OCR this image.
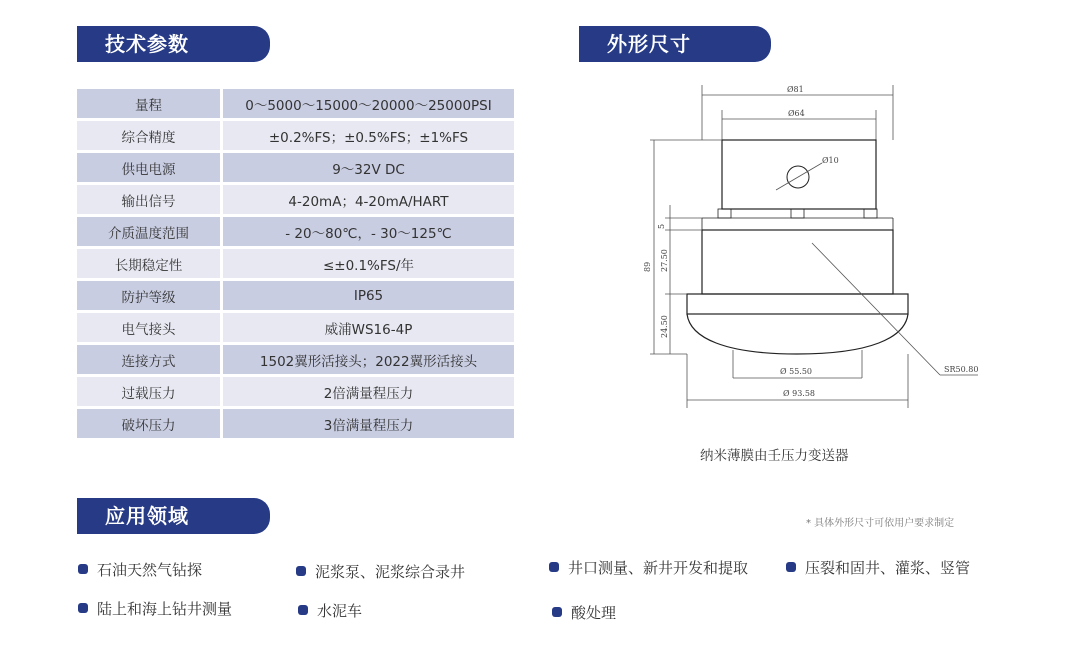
技术参数	外形尺寸
应用领域
量程	0～5000～15000～20000～25000PSI
综合精度	±0.2%FS；±0.5%FS；±1%FS
供电电源	9～32V DC
输出信号	4-20mA；4-20mA/HART
介质温度范围	- 20～80℃，- 30～125℃
长期稳定性	≤±0.1%FS/年
防护等级	IP65
电气接头	威浦WS16-4P
连接方式	1502翼形活接头；2022翼形活接头
过载压力	2倍满量程压力
破坏压力	3倍满量程压力
Ø81
Ø64
Ø10
5
89 27.50
24.50
Ø 55.50
Ø 93.58
SR50.80
纳米薄膜由壬压力变送器
* 具体外形尺寸可依用户要求制定
石油天然气钻探	泥浆泵、泥浆综合录井	井口测量、新井开发和提取	压裂和固井、灌浆、竖管
陆上和海上钻井测量	水泥车	酸处理
